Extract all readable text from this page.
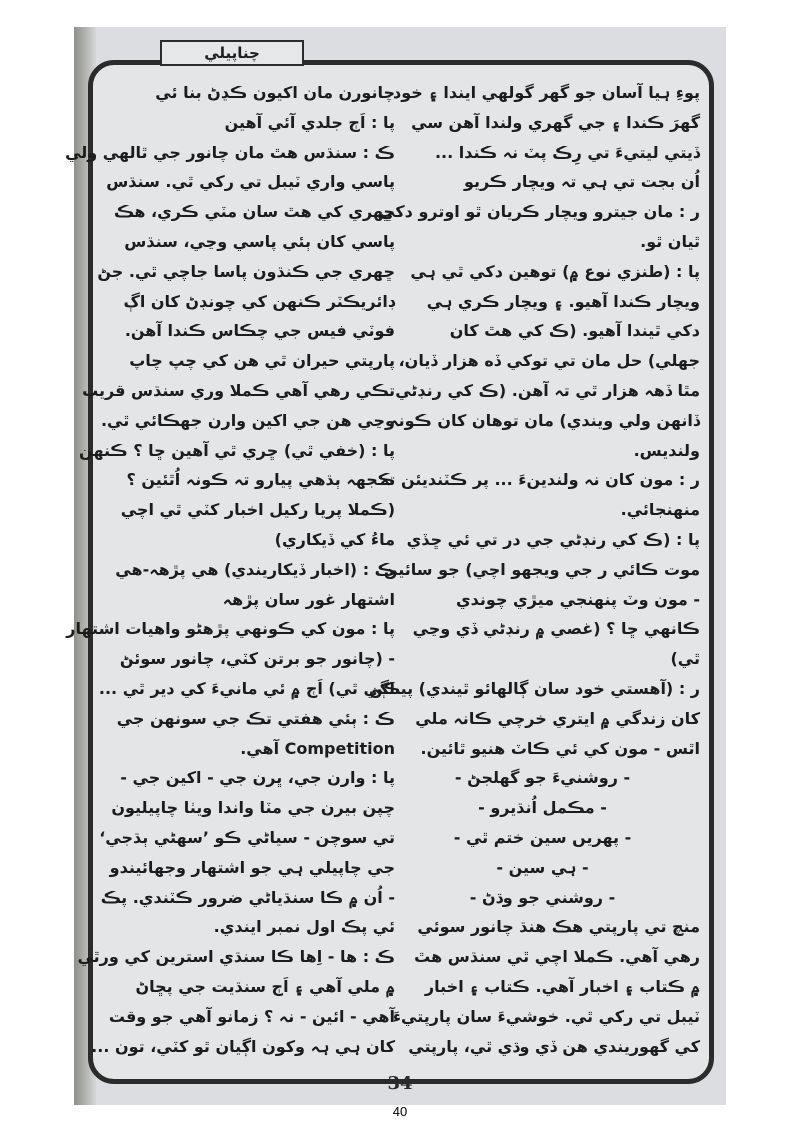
چناپيلي
پوءِ ہيا آسان جو گهر گولهي ايندا ۽ خود
گهرَ ڪندا ۽ جي گهري ولندا آهن سي
ڏيتي ليتيءَ تي رِڪ پٽ نہ ڪندا ...
اُن بجت تي ہي تہ ويچار ڪريو
ر : مان جيترو ويچار ڪريان ٿو اوترو دکي
ٿيان ٿو.
پا : (طنزي نوع ۾) توهين دکي ٿي ہي
ويچار ڪندا آهيو. ۽ ويچار ڪري ہي
دکي ٿيندا آهيو. (ڪ کي هٿ کان
جهلي) حل مان تي توکي ڏه هزار ڏيان،
مٿا ڏهہ هزار ٿي تہ آهن. (ڪ کي رنڊڻي
ڏانهن ولي ويندي) مان توهان کان ڪونہ
ولنديس.
ر : مون کان نہ ولندينءَ ... پر ڪٽنديئن تہ
منهنجائي.
پا : (ڪ کي رنڊڻي جي در تي ئي ڇڏي
موت ڪائي ر جي ويجهو اچي) جو سائين
- مون وٽ پنهنجي ميڙي چوندي
ڪانهي ڇا ؟ (غصي ۾ رنڊڻي ڏي وڃي
ٿي)
ر : (آهستي خود سان ڳالهائو ٿيندي) پيڪن
کان زندگي ۾ ايتري خرچي ڪانہ ملي
اٿس - مون کي ئي ڪاٽ هنيو ٿائين.
- روشنيءَ جو گهلجڻ -
- مڪمل اُنڌيرو -
- پهريں سين ختم ٿي -
- ہي سين -
- روشني جو وڌڻ -
منچ تي پارپتي هڪ هنڌ چانور سوئي
رهي آهي. ڪملا اچي ٿي سنڌس هٿ
۾ ڪتاب ۽ اخبار آهي. ڪتاب ۽ اخبار
ٽيبل تي رکي ٿي. خوشيءَ سان پارپتيءَ
کي گهوريندي هن ڏي وڌي ٿي، پارپتي
چانورن مان اکيون ڪڍڻ بنا ئي
پا : اَڄ جلدي آئي آهين
ڪ : سنڌس هٿ مان چانور جي ٿالهي ولي
پاسي واري ٽيبل تي رکي ٿي. سنڌس
ڇهري کي هٿ سان مٽي ڪري، هڪ
پاسي کان ٻئي پاسي وڃي، سنڌس
ڇهري جي ڪنڌون پاسا جاچي ٿي. جڻ
ڊائريڪٽر ڪنهن کي چونڊڻ کان اڳ
فوٽي فيس جي چڪاس ڪندا آهن.
پارپتي حيران ٿي هن کي چپ چاپ
تڪي رهي آهي ڪملا وري سنڌس قريب
وڃي هن جي اکين وارن جهڪائي ٿي.
پا : (خفي ٿي) ڇري ٿي آهين ڇا ؟ ڪنهن
ڪجهہ ٻڌهي پيارو تہ ڪونہ اُٿئين ؟
(ڪملا پريا رکيل اخبار کٽي ٿي اچي
ماءُ کي ڏيکاري)
ڪ : (اخبار ڏيکاريندي) هي پڙهہ-هي
اشتهار غور سان پڙهہ
پا : مون کي ڪونهي پڙهڻو واهيات اشتهار
- (چانور جو برتن کٽي، چانور سوئڻ
لڳي ٿي) اَڄ ۾ ئي مانيءَ کي دير ٿي ...
ڪ : ٻئي هفتي تڪ جي سونهن جي
Competition آهي.
پا : وارن جي، ڀرن جي - اکين جي -
چپن بيرن جي مٽا واندا ويٺا چاپيليون
تي سوچن - سياڻي ڪو ’سهڻي ٻڌجي‘
جي چاپيلي ہي جو اشتهار وجهائيندو
- اُن ۾ ڪا سنڌياڻي ضرور ڪٽندي. پڪ
ئي پڪ اول نمبر ايندي.
ڪ : ها - اِها ڪا سنڌي استرين کي ورٿي
۾ ملي آهي ۽ اَڄ سنڌيت جي پڇاڻ
آهي - ائين - نہ ؟ زمانو آهي جو وقت
کان ہي ہہ وکون اڳيان ٿو کٽي، تون ...
34
40
